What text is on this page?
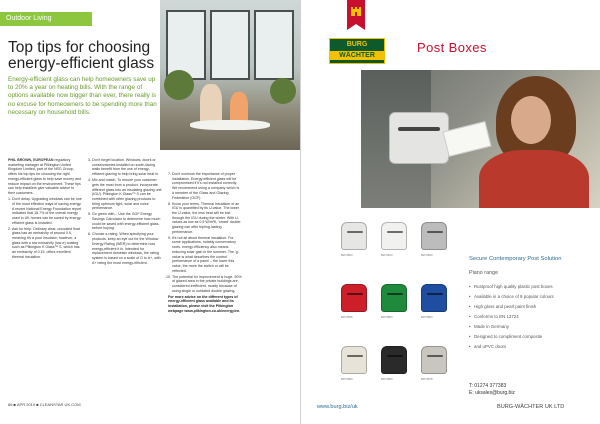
Outdoor Living
Top tips for choosing energy-efficient glass
Energy-efficient glass can help homeowners save up to 20% a year on heating bills. With the range of options available now bigger than ever, there really is no excuse for homeowners to be spending more than necessary on household bills.

PHIL BROWN, EUROPEAN regulatory marketing manager at Pilkington United Kingdom Limited, part of the NSG Group, offers his top tips for choosing the right energy-efficient glass to help save money and reduce impact on the environment. These tips can help installers give valuable advice to their customers.

1. Don't delay. Upgrading windows can be one of the most effective ways of saving energy. A recent National Energy Foundation report indicates that 18.7% of the overall energy used in UK homes can be saved by energy-efficient glass is installed.
2. Ask for help. Ordinary clear, uncoated float glass has an emissivity of around 0.9, meaning it's a poor insulator; however, a glass with a low emissivity (low-e) coating such as Pilkington K Glass™ S, which has an emissivity of 0.15, offers excellent thermal insulation.
3. Don't forget location. Windows, doors or conservatories installed on south-facing walls benefit from the use of energy-efficient glazing to help bring solar heat in.
4. Mix and match. To ensure your customer gets the most from a product, incorporate different glass into an insulating glazing unit (IGU). Pilkington K Glass™ S can be combined with other glazing products to bring optimum light, solar and noise performance.
5. Go green with... Use the GGF Energy Savings Calculator to determine how much could be saved with energy-efficient glass, before buying.
6. Choose a rating. When specifying your products, keep an eye out for the Window Energy Rating (WER) to determine how energy-efficient it is. Intended for replacement domestic windows, the rating system is based on a scale of G to A+, with A+ being the most energy-efficient.
7. Don't overlook the importance of proper installation. Energy-efficient glass will be compromised if it's not installed correctly. We recommend using a company which is a member of the Glass and Glazing Federation (GGF).
8. Know your terms. Thermal insulation of an IGU is quantified by its U-value. The lower the U-value, the less heat will be lost through the IGU during the winter. With U-values as low as 0.9 W/m²K, 'smart' double glazing can offer tripling-lasting performance.
9. It's not all about thermal insulation. For some applications, notably conservatory roofs, energy-efficiency also means reducing solar gain in the summer. The 'g'-value is what describes the control performance of a panel – the lower this value, the more the switch or will be reflected.
10. The potential for improvement is huge. 90% of glazed area in the private buildings are considered inefficient, mostly because of using single or outdated double glazing.

For more advice on the different types of energy-efficient glass available and its installation, please visit the Pilkington webpage www.pilkington.co.uk/energy/en.

86 ■ APR 2019 ■ CLEANSTAR UK.COM
BURG
WÄCHTER
Post Boxes
BW 8803	BW 8813	BW 8833
BW 8836	BW 8853	BW 8863
BW 8894	BW 8860	BW 8878
Secure Contemporary Post Solution
Piano range
• Rustproof high quality plastic post boxes
• Available in a choice of 9 popular colours
• High gloss and pearl paint finish
• Conforms to EN 13724
• Made in Germany
• Designed to compliment composite
• and uPVC doors
T: 01274 377383
E: uksales@burg.biz
www.burg.biz/uk	BURG-WÄCHTER UK LTD
